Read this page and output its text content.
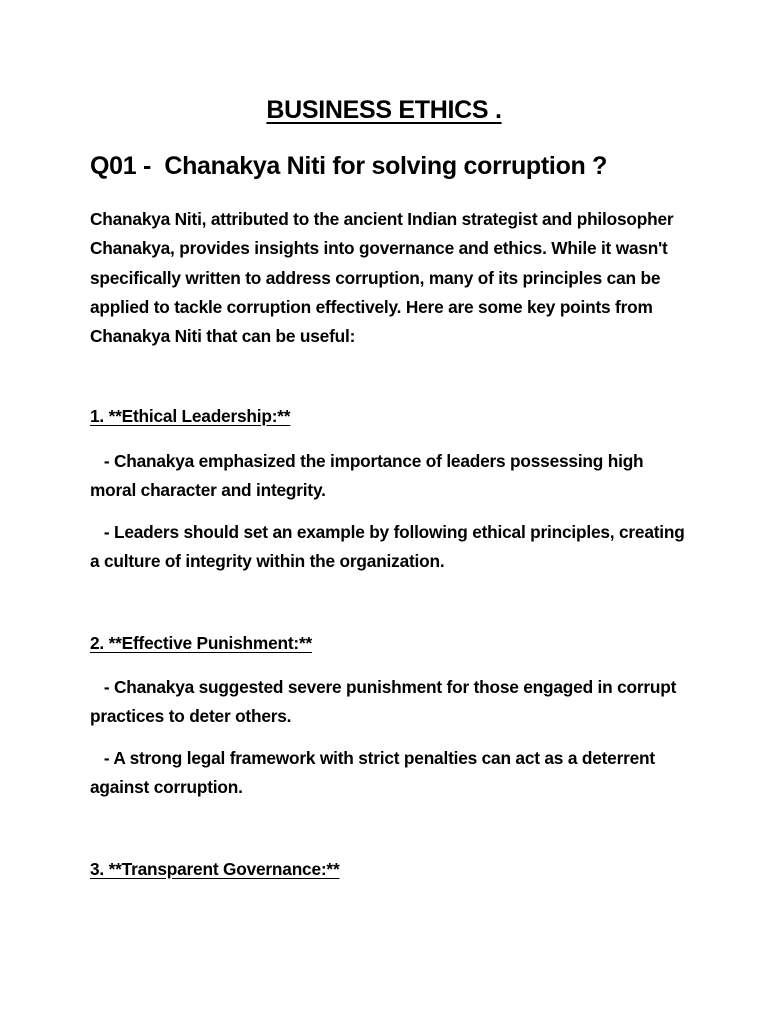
BUSINESS ETHICS .
Q01 -  Chanakya Niti for solving corruption ?
Chanakya Niti, attributed to the ancient Indian strategist and philosopher Chanakya, provides insights into governance and ethics. While it wasn't specifically written to address corruption, many of its principles can be applied to tackle corruption effectively. Here are some key points from Chanakya Niti that can be useful:
1. **Ethical Leadership:**
- Chanakya emphasized the importance of leaders possessing high moral character and integrity.
- Leaders should set an example by following ethical principles, creating a culture of integrity within the organization.
2. **Effective Punishment:**
- Chanakya suggested severe punishment for those engaged in corrupt practices to deter others.
- A strong legal framework with strict penalties can act as a deterrent against corruption.
3. **Transparent Governance:**
